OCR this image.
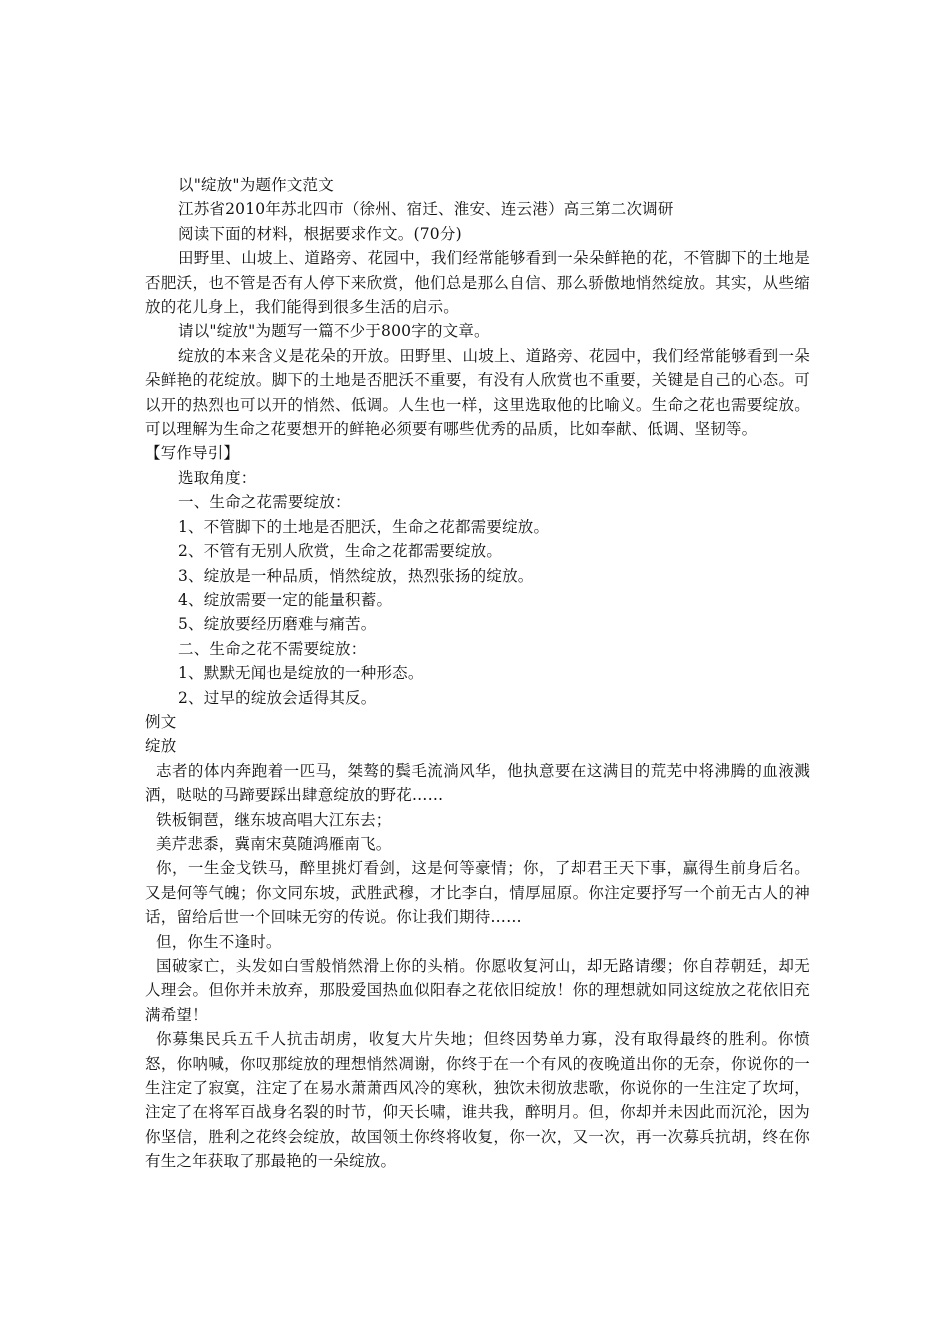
以"绽放"为题作文范文

江苏省2010年苏北四市（徐州、宿迁、淮安、连云港）高三第二次调研

阅读下面的材料，根据要求作文。(70分)

田野里、山坡上、道路旁、花园中，我们经常能够看到一朵朵鲜艳的花，不管脚下的土地是否肥沃，也不管是否有人停下来欣赏，他们总是那么自信、那么骄傲地悄然绽放。其实，从些缩放的花儿身上，我们能得到很多生活的启示。

请以"绽放"为题写一篇不少于800字的文章。

绽放的本来含义是花朵的开放。田野里、山坡上、道路旁、花园中，我们经常能够看到一朵朵鲜艳的花绽放。脚下的土地是否肥沃不重要，有没有人欣赏也不重要，关键是自己的心态。可以开的热烈也可以开的悄然、低调。人生也一样，这里选取他的比喻义。生命之花也需要绽放。可以理解为生命之花要想开的鲜艳必须要有哪些优秀的品质，比如奉献、低调、坚韧等。

【写作导引】

选取角度：

一、生命之花需要绽放：

1、不管脚下的土地是否肥沃，生命之花都需要绽放。

2、不管有无别人欣赏，生命之花都需要绽放。

3、绽放是一种品质，悄然绽放，热烈张扬的绽放。

4、绽放需要一定的能量积蓄。

5、绽放要经历磨难与痛苦。

二、生命之花不需要绽放：

1、默默无闻也是绽放的一种形态。

2、过早的绽放会适得其反。

例文

绽放

志者的体内奔跑着一匹马，桀骜的鬓毛流淌风华，他执意要在这满目的荒芜中将沸腾的血液溅洒，哒哒的马蹄要踩出肆意绽放的野花……

铁板铜琶，继东坡高唱大江东去；

美芹悲黍，冀南宋莫随鸿雁南飞。

你，一生金戈铁马，醉里挑灯看剑，这是何等豪情；你，了却君王天下事，赢得生前身后名。又是何等气魄；你文同东坡，武胜武穆，才比李白，情厚屈原。你注定要抒写一个前无古人的神话，留给后世一个回味无穷的传说。你让我们期待……

但，你生不逢时。

国破家亡，头发如白雪般悄然滑上你的头梢。你愿收复河山，却无路请缨；你自荐朝廷，却无人理会。但你并未放弃，那股爱国热血似阳春之花依旧绽放！你的理想就如同这绽放之花依旧充满希望！

你募集民兵五千人抗击胡虏，收复大片失地；但终因势单力寡，没有取得最终的胜利。你愤怒，你呐喊，你叹那绽放的理想悄然凋谢，你终于在一个有风的夜晚道出你的无奈，你说你的一生注定了寂寞，注定了在易水萧萧西风冷的寒秋，独饮未彻放悲歌，你说你的一生注定了坎坷，注定了在将军百战身名裂的时节，仰天长啸，谁共我，醉明月。但，你却并未因此而沉沦，因为你坚信，胜利之花终会绽放，故国领土你终将收复，你一次，又一次，再一次募兵抗胡，终在你有生之年获取了那最艳的一朵绽放。
